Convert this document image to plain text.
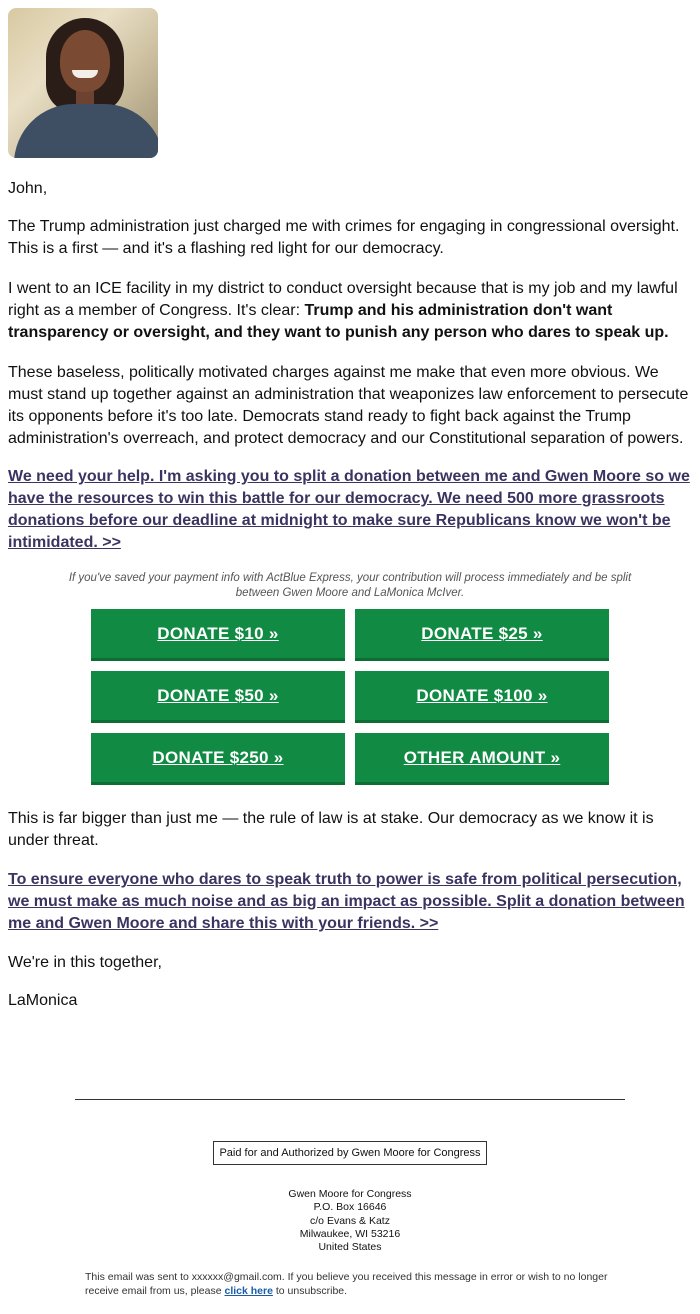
John,

The Trump administration just charged me with crimes for engaging in congressional oversight. This is a first — and it's a flashing red light for our democracy.

I went to an ICE facility in my district to conduct oversight because that is my job and my lawful right as a member of Congress. It's clear: Trump and his administration don't want transparency or oversight, and they want to punish any person who dares to speak up.

These baseless, politically motivated charges against me make that even more obvious. We must stand up together against an administration that weaponizes law enforcement to persecute its opponents before it's too late. Democrats stand ready to fight back against the Trump administration's overreach, and protect democracy and our Constitutional separation of powers.

We need your help. I'm asking you to split a donation between me and Gwen Moore so we have the resources to win this battle for our democracy. We need 500 more grassroots donations before our deadline at midnight to make sure Republicans know we won't be intimidated. >>
If you've saved your payment info with ActBlue Express, your contribution will process immediately and be split between Gwen Moore and LaMonica McIver.
DONATE $10 »	DONATE $25 »
DONATE $50 »	DONATE $100 »
DONATE $250 »	OTHER AMOUNT »

This is far bigger than just me — the rule of law is at stake. Our democracy as we know it is under threat.

To ensure everyone who dares to speak truth to power is safe from political persecution, we must make as much noise and as big an impact as possible. Split a donation between me and Gwen Moore and share this with your friends. >>

We're in this together,

LaMonica

Paid for and Authorized by Gwen Moore for Congress
Gwen Moore for Congress
P.O. Box 16646
c/o Evans & Katz
Milwaukee, WI 53216
United States
This email was sent to xxxxxx@gmail.com. If you believe you received this message in error or wish to no longer receive email from us, please click here to unsubscribe.
